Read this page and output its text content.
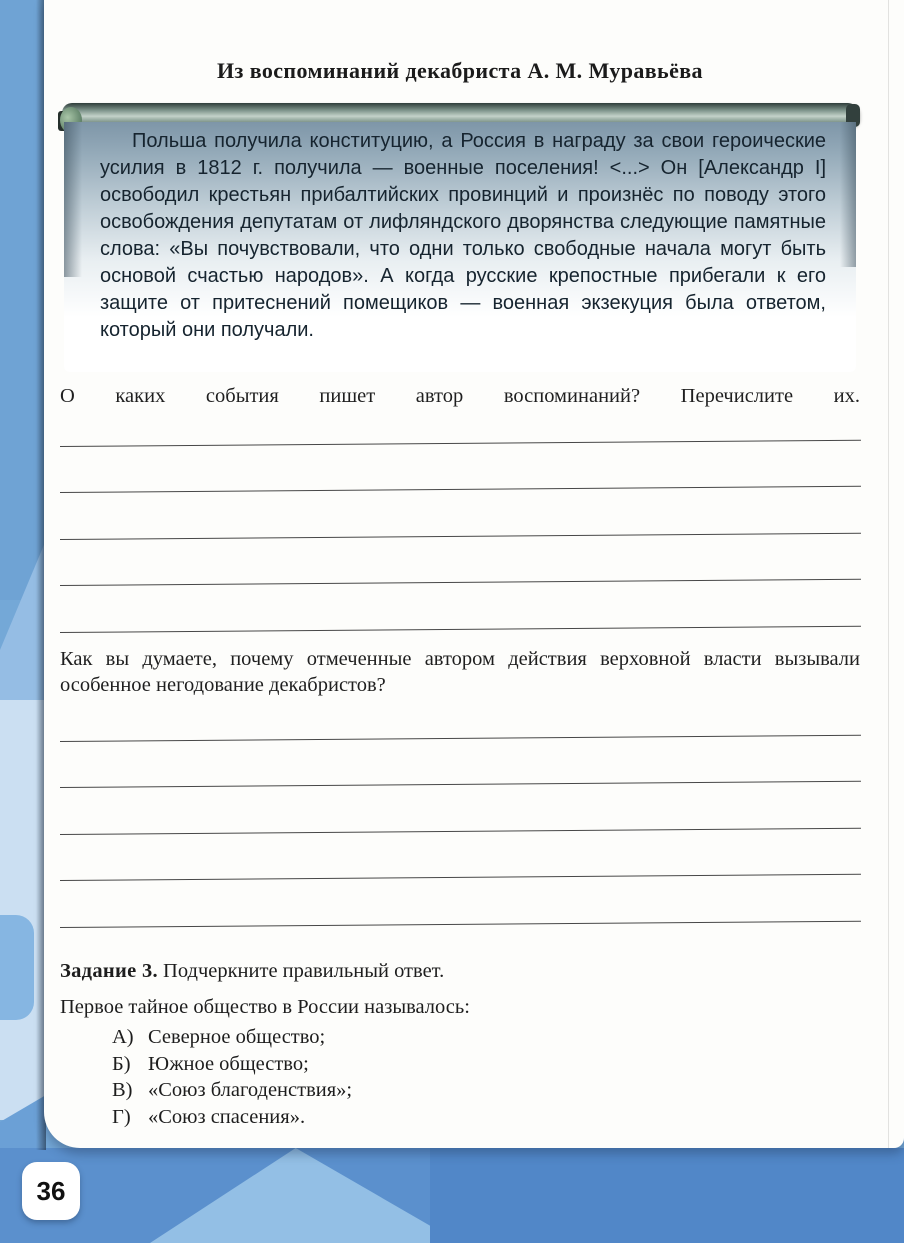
Из воспоминаний декабриста А. М. Муравьёва
Польша получила конституцию, а Россия в награду за свои героические усилия в 1812 г. получила — военные поселения! <...> Он [Александр I] освободил крестьян прибалтийских провинций и произнёс по поводу этого освобождения депутатам от лифляндского дворянства следующие памятные слова: «Вы почувствовали, что одни только свободные начала могут быть основой счастью народов». А когда русские крепостные прибегали к его защите от притеснений помещиков — военная экзекуция была ответом, который они получали.
О каких события пишет автор воспоминаний? Перечислите их.
Как вы думаете, почему отмеченные автором действия верховной власти вызывали особенное негодование декабристов?
Задание 3. Подчеркните правильный ответ.
Первое тайное общество в России называлось:
А) Северное общество;
Б) Южное общество;
В) «Союз благоденствия»;
Г) «Союз спасения».
36
